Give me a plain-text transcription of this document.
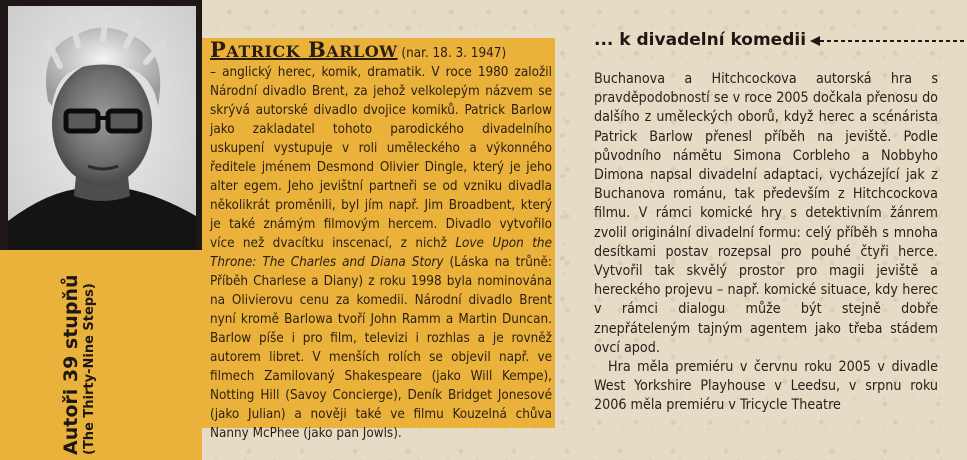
Autoři 39 stupňů (The Thirty-Nine Steps)
PATRICK BARLOW (nar. 18. 3. 1947)
– anglický herec, komik, dramatik. V roce 1980 založil Národní divadlo Brent, za jehož velkolepým názvem se skrývá autorské divadlo dvojice komiků. Patrick Barlow jako zakladatel tohoto parodického divadelního uskupení vystupuje v roli uměleckého a výkonného ředitele jménem Desmond Olivier Dingle, který je jeho alter egem. Jeho jevištní partneři se od vzniku divadla několikrát proměnili, byl jím např. Jim Broadbent, který je také známým filmovým hercem. Divadlo vytvořilo více než dvacítku inscenací, z nichž Love Upon the Throne: The Charles and Diana Story (Láska na trůně: Příběh Charlese a Diany) z roku 1998 byla nominována na Olivierovu cenu za komedii. Národní divadlo Brent nyní kromě Barlowa tvoří John Ramm a Martin Duncan. Barlow píše i pro film, televizi i rozhlas a je rovněž autorem libret. V menších rolích se objevil např. ve filmech Zamilovaný Shakespeare (jako Will Kempe), Notting Hill (Savoy Concierge), Deník Bridget Jonesové (jako Julian) a nověji také ve filmu Kouzelná chůva Nanny McPhee (jako pan Jowls).
... k divadelní komedii

Buchanova a Hitchcockova autorská hra s pravděpodobností se v roce 2005 dočkala přenosu do dalšího z uměleckých oborů, když herec a scénárista Patrick Barlow přenesl příběh na jeviště. Podle původního námětu Simona Corbleho a Nobbyho Dimona napsal divadelní adaptaci, vycházející jak z Buchanova románu, tak především z Hitchcockova filmu. V rámci komické hry s detektivním žánrem zvolil originální divadelní formu: celý příběh s mnoha desítkami postav rozepsal pro pouhé čtyři herce. Vytvořil tak skvělý prostor pro magii jeviště a hereckého projevu – např. komické situace, kdy herec v rámci dialogu může být stejně dobře znepřáteleným tajným agentem jako třeba stádem ovcí apod.

Hra měla premiéru v červnu roku 2005 v divadle West Yorkshire Playhouse v Leedsu, v srpnu roku 2006 měla premiéru v Tricycle Theatre
